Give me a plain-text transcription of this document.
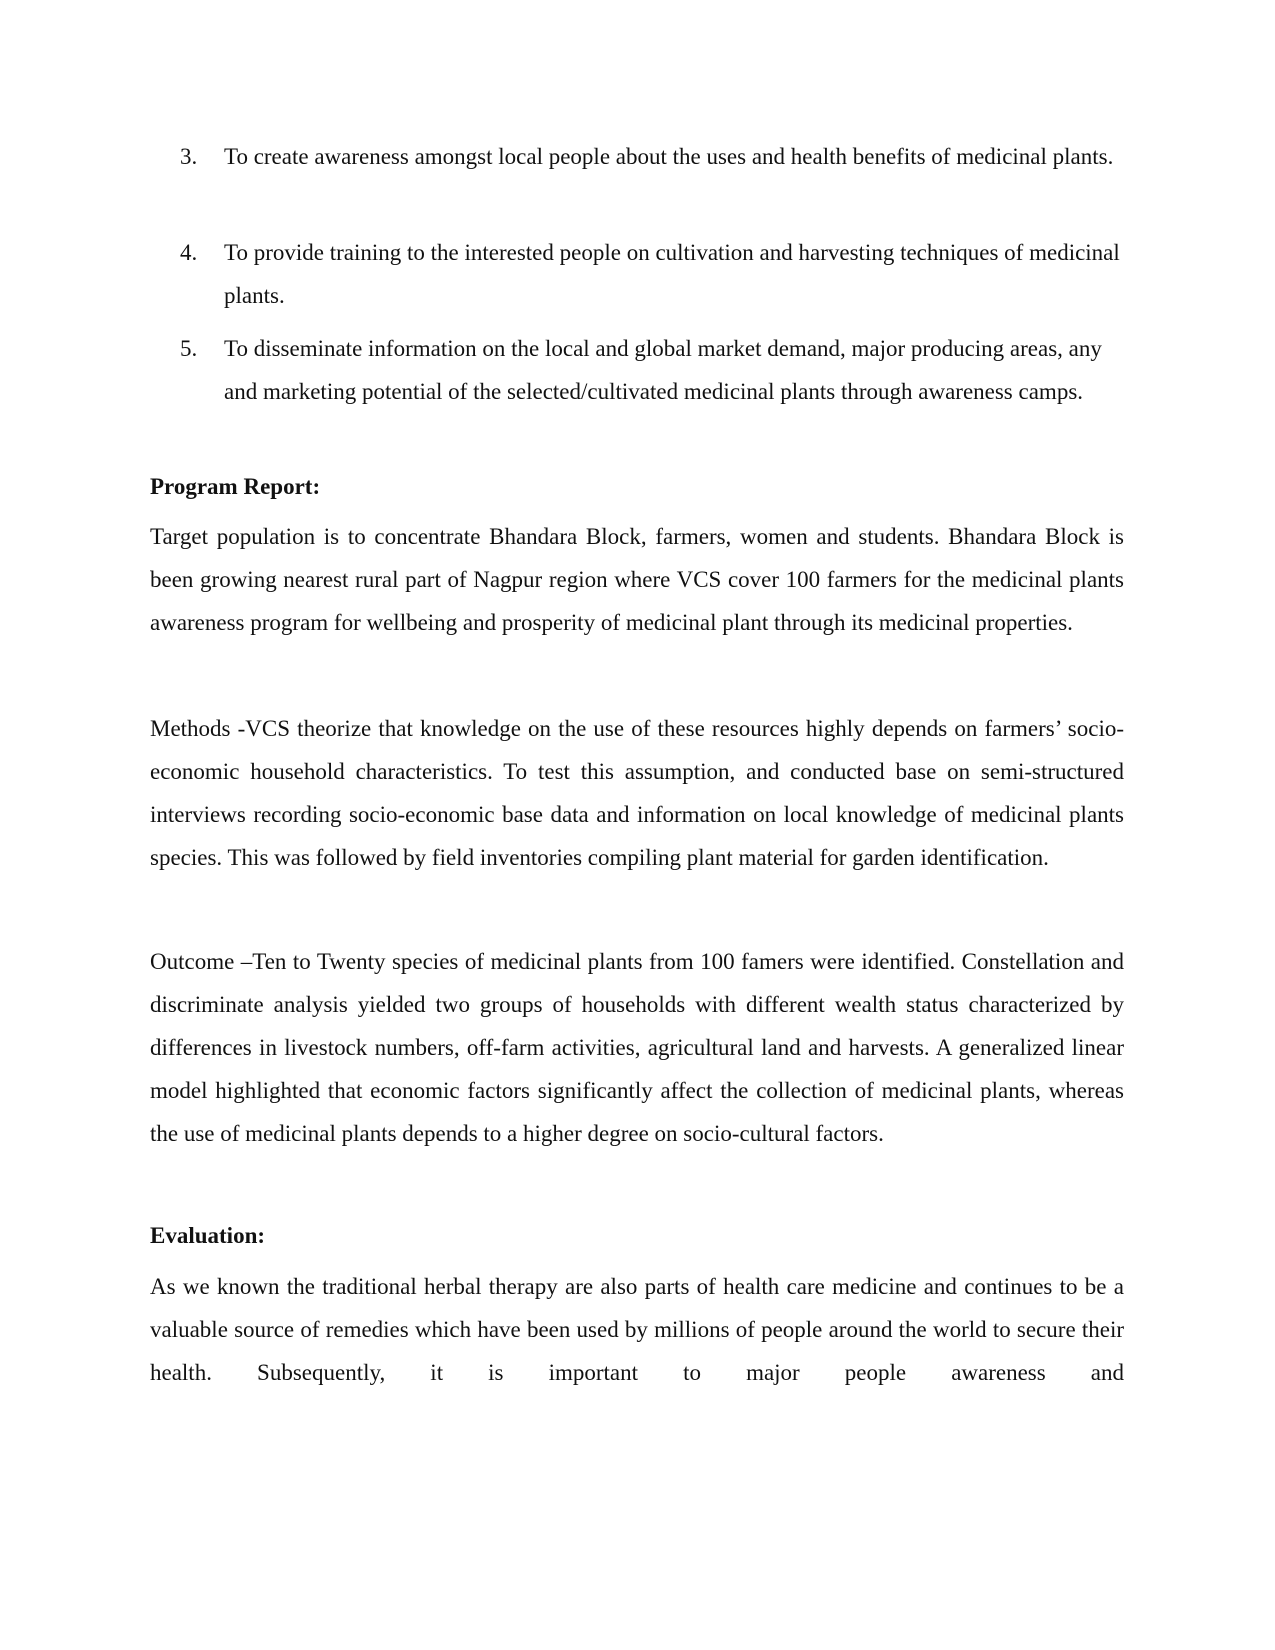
3.	To create awareness amongst local people about the uses and health benefits of medicinal plants.
4.	To provide training to the interested people on cultivation and harvesting techniques of medicinal plants.
5.	To disseminate information on the local and global market demand, major producing areas, any and marketing potential of the selected/cultivated medicinal plants through awareness camps.
Program Report:
Target population is to concentrate Bhandara Block, farmers, women and students. Bhandara Block is been growing nearest rural part of Nagpur region where VCS cover 100 farmers for the medicinal plants awareness program for wellbeing and prosperity of medicinal plant through its medicinal properties.
Methods -VCS theorize that knowledge on the use of these resources highly depends on farmers’ socio-economic household characteristics. To test this assumption, and conducted base on semi-structured interviews recording socio-economic base data and information on local knowledge of medicinal plants species. This was followed by field inventories compiling plant material for garden identification.
Outcome –Ten to Twenty species of medicinal plants from 100 famers were identified. Constellation and discriminate analysis yielded two groups of households with different wealth status characterized by differences in livestock numbers, off-farm activities, agricultural land and harvests. A generalized linear model highlighted that economic factors significantly affect the collection of medicinal plants, whereas the use of medicinal plants depends to a higher degree on socio-cultural factors.
Evaluation:
As we known the traditional herbal therapy are also parts of health care medicine and continues to be a valuable source of remedies which have been used by millions of people around the world to secure their health. Subsequently, it is important to major people awareness and
